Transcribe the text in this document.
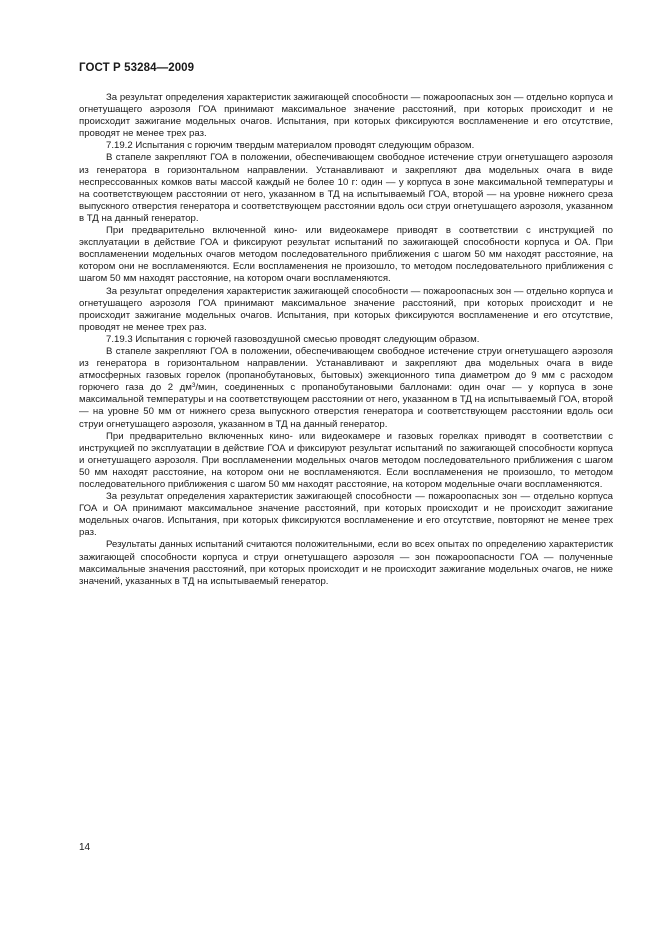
ГОСТ Р 53284—2009

За результат определения характеристик зажигающей способности — пожароопасных зон — отдельно корпуса и огнетушащего аэрозоля ГОА принимают максимальное значение расстояний, при которых происходит и не происходит зажигание модельных очагов. Испытания, при которых фиксируются воспламенение и его отсутствие, проводят не менее трех раз.

7.19.2 Испытания с горючим твердым материалом проводят следующим образом.

В стапеле закрепляют ГОА в положении, обеспечивающем свободное истечение струи огнетушащего аэрозоля из генератора в горизонтальном направлении. Устанавливают и закрепляют два модельных очага в виде неспрессованных комков ваты массой каждый не более 10 г: один — у корпуса в зоне максимальной температуры и на соответствующем расстоянии от него, указанном в ТД на испытываемый ГОА, второй — на уровне нижнего среза выпускного отверстия генератора и соответствующем расстоянии вдоль оси струи огнетушащего аэрозоля, указанном в ТД на данный генератор.

При предварительно включенной кино- или видеокамере приводят в соответствии с инструкцией по эксплуатации в действие ГОА и фиксируют результат испытаний по зажигающей способности корпуса и ОА. При воспламенении модельных очагов методом последовательного приближения с шагом 50 мм находят расстояние, на котором они не воспламеняются. Если воспламенения не произошло, то методом последовательного приближения с шагом 50 мм находят расстояние, на котором очаги воспламеняются.

За результат определения характеристик зажигающей способности — пожароопасных зон — отдельно корпуса и огнетушащего аэрозоля ГОА принимают максимальное значение расстояний, при которых происходит и не происходит зажигание модельных очагов. Испытания, при которых фиксируются воспламенение и его отсутствие, проводят не менее трех раз.

7.19.3 Испытания с горючей газовоздушной смесью проводят следующим образом.

В стапеле закрепляют ГОА в положении, обеспечивающем свободное истечение струи огнетушащего аэрозоля из генератора в горизонтальном направлении. Устанавливают и закрепляют два модельных очага в виде атмосферных газовых горелок (пропанобутановых, бытовых) эжекционного типа диаметром до 9 мм с расходом горючего газа до 2 $дм^3$/мин, соединенных с пропанобутановыми баллонами: один очаг — у корпуса в зоне максимальной температуры и на соответствующем расстоянии от него, указанном в ТД на испытываемый ГОА, второй — на уровне 50 мм от нижнего среза выпускного отверстия генератора и соответствующем расстоянии вдоль оси струи огнетушащего аэрозоля, указанном в ТД на данный генератор.

При предварительно включенных кино- или видеокамере и газовых горелках приводят в соответствии с инструкцией по эксплуатации в действие ГОА и фиксируют результат испытаний по зажигающей способности корпуса и огнетушащего аэрозоля. При воспламенении модельных очагов методом последовательного приближения с шагом 50 мм находят расстояние, на котором они не воспламеняются. Если воспламенения не произошло, то методом последовательного приближения с шагом 50 мм находят расстояние, на котором модельные очаги воспламеняются.

За результат определения характеристик зажигающей способности — пожароопасных зон — отдельно корпуса ГОА и ОА принимают максимальное значение расстояний, при которых происходит и не происходит зажигание модельных очагов. Испытания, при которых фиксируются воспламенение и его отсутствие, повторяют не менее трех раз.

Результаты данных испытаний считаются положительными, если во всех опытах по определению характеристик зажигающей способности корпуса и струи огнетушащего аэрозоля — зон пожароопасности ГОА — полученные максимальные значения расстояний, при которых происходит и не происходит зажигание модельных очагов, не ниже значений, указанных в ТД на испытываемый генератор.

14
